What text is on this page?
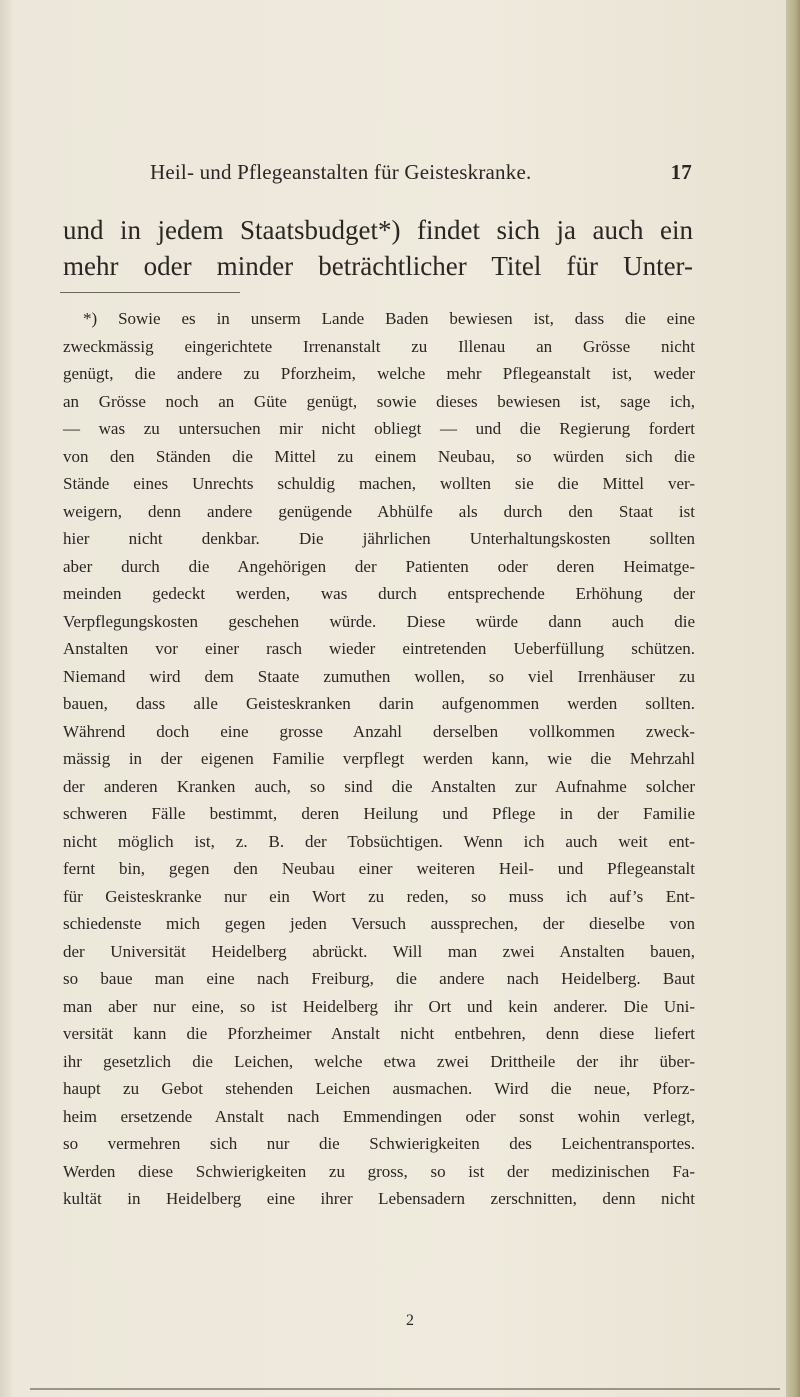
Heil- und Pflegeanstalten für Geisteskranke.	17
und in jedem Staatsbudget*) findet sich ja auch ein
mehr oder minder beträchtlicher Titel für Unter-
*) Sowie es in unserm Lande Baden bewiesen ist, dass die eine
zweckmässig eingerichtete Irrenanstalt zu Illenau an Grösse nicht
genügt, die andere zu Pforzheim, welche mehr Pflegeanstalt ist, weder
an Grösse noch an Güte genügt, sowie dieses bewiesen ist, sage ich,
— was zu untersuchen mir nicht obliegt — und die Regierung fordert
von den Ständen die Mittel zu einem Neubau, so würden sich die
Stände eines Unrechts schuldig machen, wollten sie die Mittel ver-
weigern, denn andere genügende Abhülfe als durch den Staat ist
hier nicht denkbar. Die jährlichen Unterhaltungskosten sollten
aber durch die Angehörigen der Patienten oder deren Heimatge-
meinden gedeckt werden, was durch entsprechende Erhöhung der
Verpflegungskosten geschehen würde. Diese würde dann auch die
Anstalten vor einer rasch wieder eintretenden Ueberfüllung schützen.
Niemand wird dem Staate zumuthen wollen, so viel Irrenhäuser zu
bauen, dass alle Geisteskranken darin aufgenommen werden sollten.
Während doch eine grosse Anzahl derselben vollkommen zweck-
mässig in der eigenen Familie verpflegt werden kann, wie die Mehrzahl
der anderen Kranken auch, so sind die Anstalten zur Aufnahme solcher
schweren Fälle bestimmt, deren Heilung und Pflege in der Familie
nicht möglich ist, z. B. der Tobsüchtigen. Wenn ich auch weit ent-
fernt bin, gegen den Neubau einer weiteren Heil- und Pflegeanstalt
für Geisteskranke nur ein Wort zu reden, so muss ich auf’s Ent-
schiedenste mich gegen jeden Versuch aussprechen, der dieselbe von
der Universität Heidelberg abrückt. Will man zwei Anstalten bauen,
so baue man eine nach Freiburg, die andere nach Heidelberg. Baut
man aber nur eine, so ist Heidelberg ihr Ort und kein anderer. Die Uni-
versität kann die Pforzheimer Anstalt nicht entbehren, denn diese liefert
ihr gesetzlich die Leichen, welche etwa zwei Drittheile der ihr über-
haupt zu Gebot stehenden Leichen ausmachen. Wird die neue, Pforz-
heim ersetzende Anstalt nach Emmendingen oder sonst wohin verlegt,
so vermehren sich nur die Schwierigkeiten des Leichentransportes.
Werden diese Schwierigkeiten zu gross, so ist der medizinischen Fa-
kultät in Heidelberg eine ihrer Lebensadern zerschnitten, denn nicht
2
